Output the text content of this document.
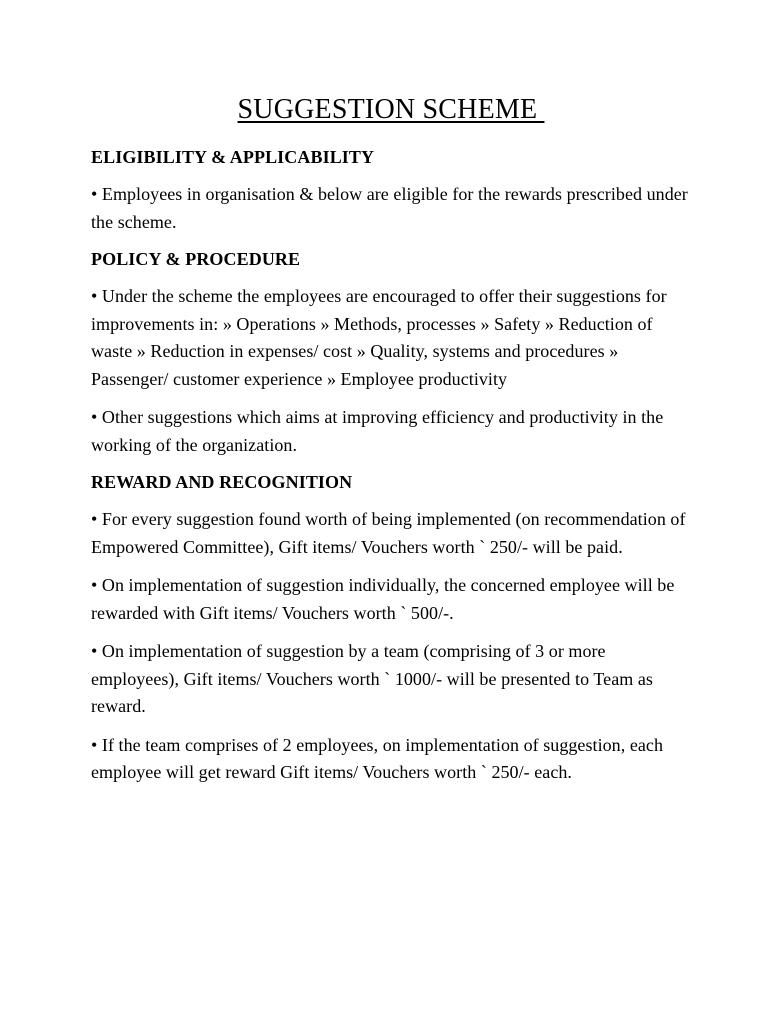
SUGGESTION SCHEME
ELIGIBILITY & APPLICABILITY

• Employees in organisation & below are eligible for the rewards prescribed under the scheme.

POLICY & PROCEDURE

• Under the scheme the employees are encouraged to offer their suggestions for improvements in: » Operations » Methods, processes » Safety » Reduction of waste » Reduction in expenses/ cost » Quality, systems and procedures » Passenger/ customer experience » Employee productivity

• Other suggestions which aims at improving efficiency and productivity in the working of the organization.

REWARD AND RECOGNITION

• For every suggestion found worth of being implemented (on recommendation of Empowered Committee), Gift items/ Vouchers worth ` 250/- will be paid.

• On implementation of suggestion individually, the concerned employee will be rewarded with Gift items/ Vouchers worth ` 500/-.

• On implementation of suggestion by a team (comprising of 3 or more employees), Gift items/ Vouchers worth ` 1000/- will be presented to Team as reward.

• If the team comprises of 2 employees, on implementation of suggestion, each employee will get reward Gift items/ Vouchers worth ` 250/- each.
